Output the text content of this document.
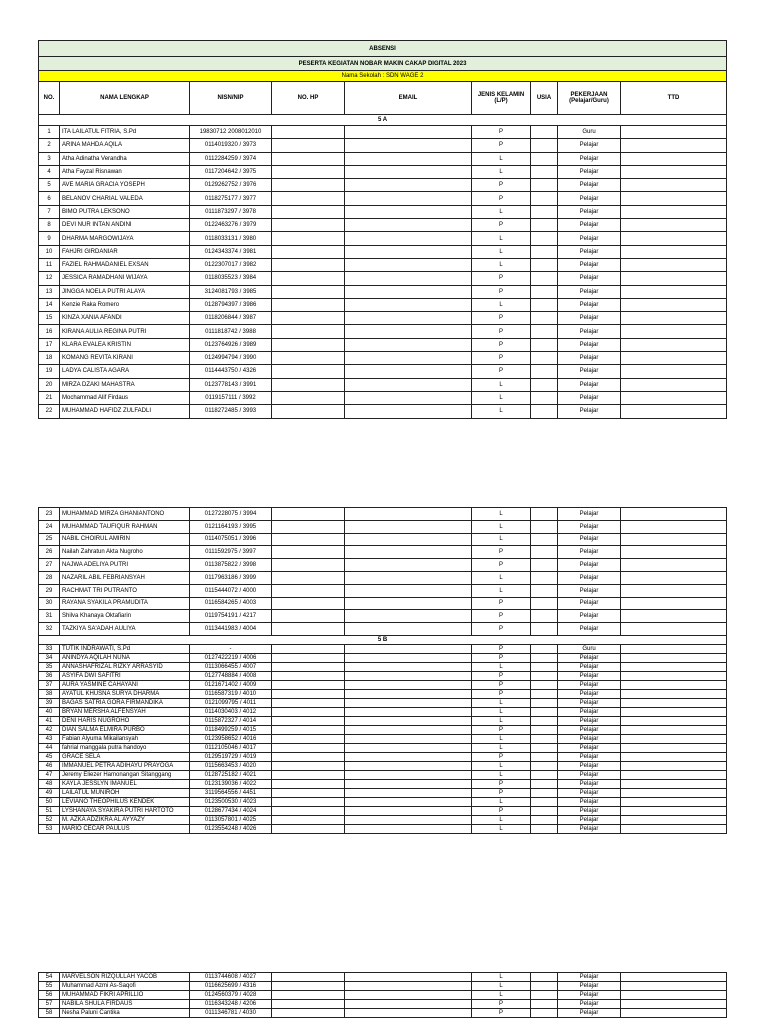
ABSENSI								
PESERTA KEGIATAN NOBAR MAKIN CAKAP DIGITAL 2023								
Nama Sekolah : SDN WAGE 2								
NO.	NAMA LENGKAP	NISN/NIP	NO. HP	EMAIL	JENIS KELAMIN (L/P)	USIA	PEKERJAAN (Pelajar/Guru)	TTD
5 A								
1	ITA LAILATUL FITRIA, S.Pd	19830712 2008012010			P		Guru	
2	ARINA MAHDA AQILA	0114019320 / 3973			P		Pelajar	
3	Atha Adinatha Verandha	0112284259 / 3974			L		Pelajar	
4	Atha Fayzal Risnawan	0117204642 / 3975			L		Pelajar	
5	AVE MARIA GRACIA YOSEPH	0129262752 / 3976			P		Pelajar	
6	BELANOV CHARIAL VALEDA	0118275177 / 3977			P		Pelajar	
7	BIMO PUTRA LEKSONO	0111873297 / 3978			L		Pelajar	
8	DEVI NUR INTAN ANDINI	0122463276 / 3979			P		Pelajar	
9	DHARMA MARGOWIJAYA	0118033131 / 3980			L		Pelajar	
10	FAHJRI GIRDANIAR	0124343374 / 3981			L		Pelajar	
11	FAZIEL RAHMADANIEL EXSAN	0122307017 / 3982			L		Pelajar	
12	JESSICA RAMADHANI WIJAYA	0118035523 / 3984			P		Pelajar	
13	JINGGA NOELA PUTRI ALAYA	3124081793 / 3985			P		Pelajar	
14	Kenzie Raka Romero	0128794397 / 3986			L		Pelajar	
15	KINZA XANIA AFANDI	0118206844 / 3987			P		Pelajar	
16	KIRANA AULIA REGINA PUTRI	0111818742 / 3988			P		Pelajar	
17	KLARA EVALEA KRISTIN	0123764926 / 3989			P		Pelajar	
18	KOMANG REVITA KIRANI	0124994794 / 3990			P		Pelajar	
19	LADYA CALISTA AGARA	0114443750 / 4326			P		Pelajar	
20	MIRZA DZAKI MAHASTRA	0123778143 / 3991			L		Pelajar	
21	Mochammad Alif Firdaus	0119157111 / 3992			L		Pelajar	
22	MUHAMMAD HAFIDZ ZULFADLI	0118272485 / 3993			L		Pelajar	
23	MUHAMMAD MIRZA GHANIANTONO	0127228075 / 3994			L		Pelajar	
24	MUHAMMAD TAUFIQUR RAHMAN	0121164193 / 3995			L		Pelajar	
25	NABIL CHOIRUL AMIRIN	0114075051 / 3996			L		Pelajar	
26	Nailah Zahratun Akta Nugroho	0111592975 / 3997			P		Pelajar	
27	NAJWA ADELIYA PUTRI	0113875822 / 3998			P		Pelajar	
28	NAZARIL ABIL FEBRIANSYAH	0117963186 / 3999			L		Pelajar	
29	RACHMAT TRI PUTRANTO	0115444072 / 4000			L		Pelajar	
30	RAYANA SYAKILA PRAMUDITA	0116584265 / 4003			P		Pelajar	
31	Shilva Khanaya Oktafiarin	0119754191 / 4217			P		Pelajar	
32	TAZKIYA SA'ADAH AULIYA	0113441983 / 4004			P		Pelajar	
5 B								
33	TUTIK INDRAWATI, S.Pd	-			P		Guru	
34	ANINDYA AQILAH NUNA	0127422219 / 4006			P		Pelajar	
35	ANNASHAFRIZAL RIZKY ARRASYID	0113066455 / 4007			L		Pelajar	
36	ASYIFA DWI SAFITRI	0127748884 / 4008			P		Pelajar	
37	AURA YASMINE CAHAYANI	0121671402 / 4009			P		Pelajar	
38	AYATUL KHUSNA SURYA DHARMA	0116587319 / 4010			P		Pelajar	
39	BAGAS SATRIA GORA FIRMANDIKA	0121099795 / 4011			L		Pelajar	
40	BRYAN MERSHA ALFENSYAH	0114030403 / 4012			L		Pelajar	
41	DENI HARIS NUGROHO	0115872327 / 4014			L		Pelajar	
42	DIAN SALMA ELMIRA PURBO	0118499259 / 4015			P		Pelajar	
43	Fabian Alyuma Mikailansyah	0123958652 / 4016			L		Pelajar	
44	fahrial manggala putra handoyo	0112105046 / 4017			L		Pelajar	
45	GRACE SELA	0129519729 / 4019			P		Pelajar	
46	IMMANUEL PETRA ADIHAYU PRAYOGA	0115663453 / 4020			L		Pelajar	
47	Jeremy Eliezer Hamonangan Sitanggang	0128725182 / 4021			L		Pelajar	
48	KAYLA JESSLYN IMANUEL	0123139036 / 4022			P		Pelajar	
49	LAILATUL MUNIROH	3119564556 / 4451			P		Pelajar	
50	LEVIANO THEOPHILUS KENDEK	0123500530 / 4023			L		Pelajar	
51	LYSHANAYA SYAKIRA PUTRI HARTOTO	0128677434 / 4024			P		Pelajar	
52	M. AZKA ADZIKRA AL AYYAZY	0113057801 / 4025			L		Pelajar	
53	MARIO CECAR PAULUS	0123554248 / 4026			L		Pelajar	
54	MARVELSON RIZQULLAH YACOB	0113744608 / 4027			L		Pelajar	
55	Muhammad Azmi As-Saqofi	0116625699 / 4316			L		Pelajar	
56	MUHAMMAD FIKRI APRILLIO	0124560379 / 4028			L		Pelajar	
57	NABILA SHULA FIRDAUS	0116343248 / 4206			P		Pelajar	
58	Nesha Paluni Cantika	0111346781 / 4030			P		Pelajar	
